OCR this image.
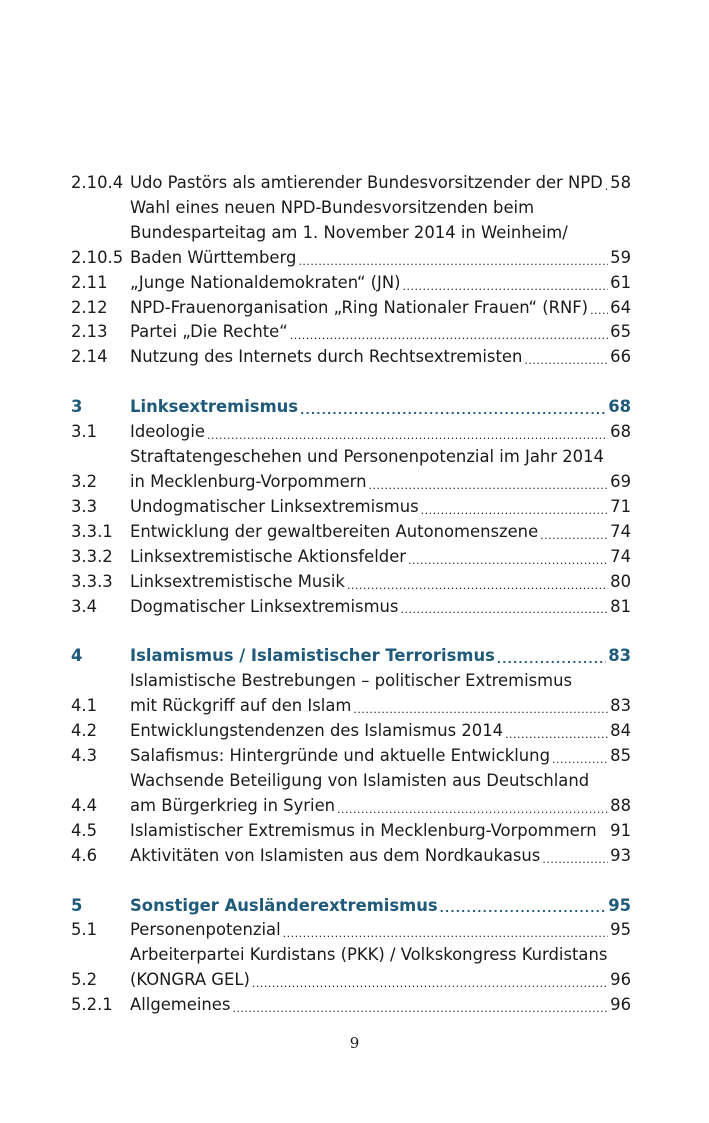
2.10.4 Udo Pastörs als amtierender Bundesvorsitzender der NPD ..... 58
2.10.5
Wahl eines neuen NPD-Bundesvorsitzenden beim
Bundesparteitag am 1. November 2014 in Weinheim/
Baden Württemberg .....	59
2.11	„Junge Nationaldemokraten“ (JN) .....	61
2.12	NPD-Frauenorganisation „Ring Nationaler Frauen“ (RNF) ..... 64
2.13	Partei „Die Rechte“ .....	65
2.14	Nutzung des Internets durch Rechtsextremisten .....	66
3	Linksextremismus .....	68
3.1	Ideologie .....	68
3.2
Straftatengeschehen und Personenpotenzial im Jahr 2014
in Mecklenburg-Vorpommern .....	69
3.3	Undogmatischer Linksextremismus .....	71
3.3.1	Entwicklung der gewaltbereiten Autonomenszene .....	74
3.3.2	Linksextremistische Aktionsfelder .....	74
3.3.3	Linksextremistische Musik .....	80
3.4	Dogmatischer Linksextremismus .....	81
4	Islamismus / Islamistischer Terrorismus .....	83
4.1
Islamistische Bestrebungen – politischer Extremismus
mit Rückgriff auf den Islam .....	83
4.2	Entwicklungstendenzen des Islamismus 2014 .....	84
4.3	Salafismus: Hintergründe und aktuelle Entwicklung .....	85
4.4
Wachsende Beteiligung von Islamisten aus Deutschland
am Bürgerkrieg in Syrien .....	88
4.5	Islamistischer Extremismus in Mecklenburg-Vorpommern 91
4.6	Aktivitäten von Islamisten aus dem Nordkaukasus .....	93
5	Sonstiger Ausländerextremismus .....	95
5.1	Personenpotenzial .....	95
5.2
Arbeiterpartei Kurdistans (PKK) / Volkskongress Kurdistans
(KONGRA GEL) .....	96
5.2.1	Allgemeines .....	96
9
